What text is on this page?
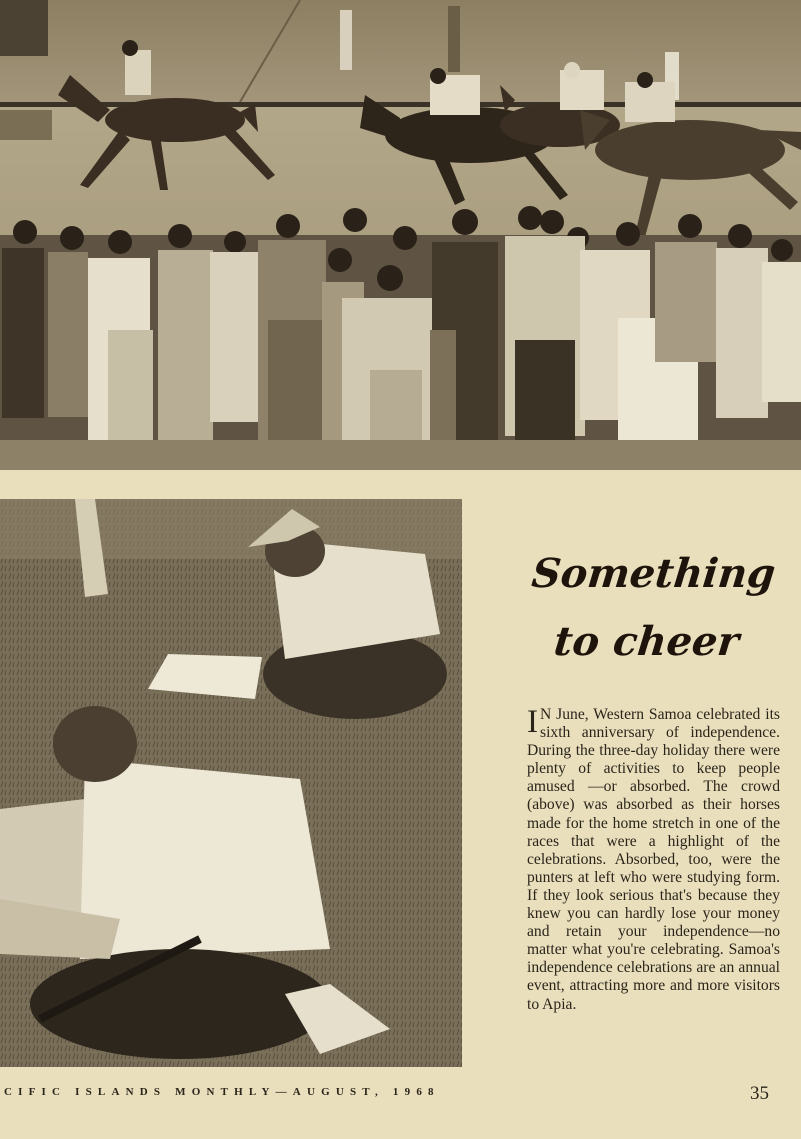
Something
to cheer

I N June, Western Samoa celebrated its sixth anniversary of independence. During the three-day holiday there were plenty of activities to keep people amused —or absorbed. The crowd (above) was absorbed as their horses made for the home stretch in one of the races that were a highlight of the celebrations. Absorbed, too, were the punters at left who were studying form. If they look serious that's because they knew you can hardly lose your money and retain your independence—no matter what you're celebrating. Samoa's independence celebrations are an annual event, attracting more and more visitors to Apia.

CIFIC ISLANDS MONTHLY—AUGUST, 1968	35
